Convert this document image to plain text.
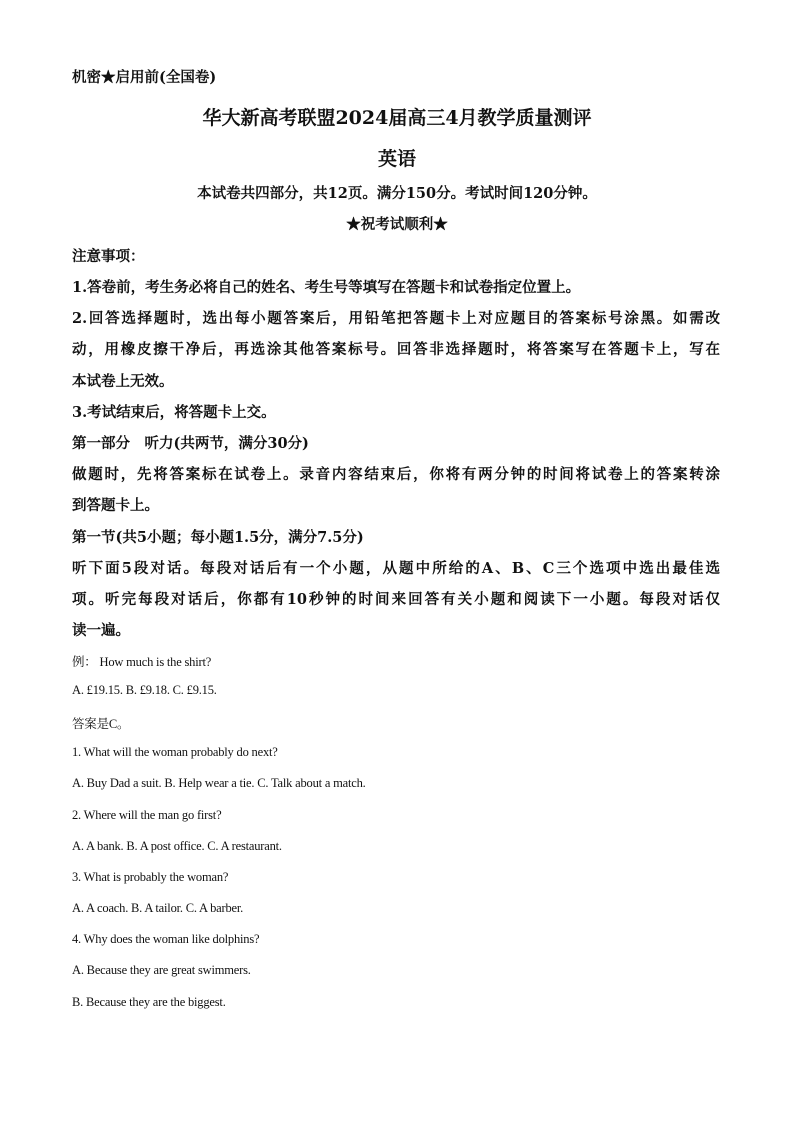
机密★启用前(全国卷)
华大新高考联盟2024届高三4月教学质量测评
英语
本试卷共四部分，共12页。满分150分。考试时间120分钟。
★祝考试顺利★
注意事项：
1.答卷前，考生务必将自己的姓名、考生号等填写在答题卡和试卷指定位置上。
2.回答选择题时，选出每小题答案后，用铅笔把答题卡上对应题目的答案标号涂黑。如需改
动，用橡皮擦干净后，再选涂其他答案标号。回答非选择题时，将答案写在答题卡上，写在
本试卷上无效。
3.考试结束后，将答题卡上交。
第一部分　听力(共两节，满分30分)
做题时，先将答案标在试卷上。录音内容结束后，你将有两分钟的时间将试卷上的答案转涂
到答题卡上。
第一节(共5小题；每小题1.5分，满分7.5分)
听下面5段对话。每段对话后有一个小题，从题中所给的A、B、C三个选项中选出最佳选
项。听完每段对话后，你都有10秒钟的时间来回答有关小题和阅读下一小题。每段对话仅
读一遍。
例： How much is the shirt?
A. £19.15. B. £9.18. C. £9.15.
答案是C。
1. What will the woman probably do next?
A. Buy Dad a suit. B. Help wear a tie. C. Talk about a match.
2. Where will the man go first?
A. A bank. B. A post office. C. A restaurant.
3. What is probably the woman?
A. A coach. B. A tailor. C. A barber.
4. Why does the woman like dolphins?
A. Because they are great swimmers.
B. Because they are the biggest.
